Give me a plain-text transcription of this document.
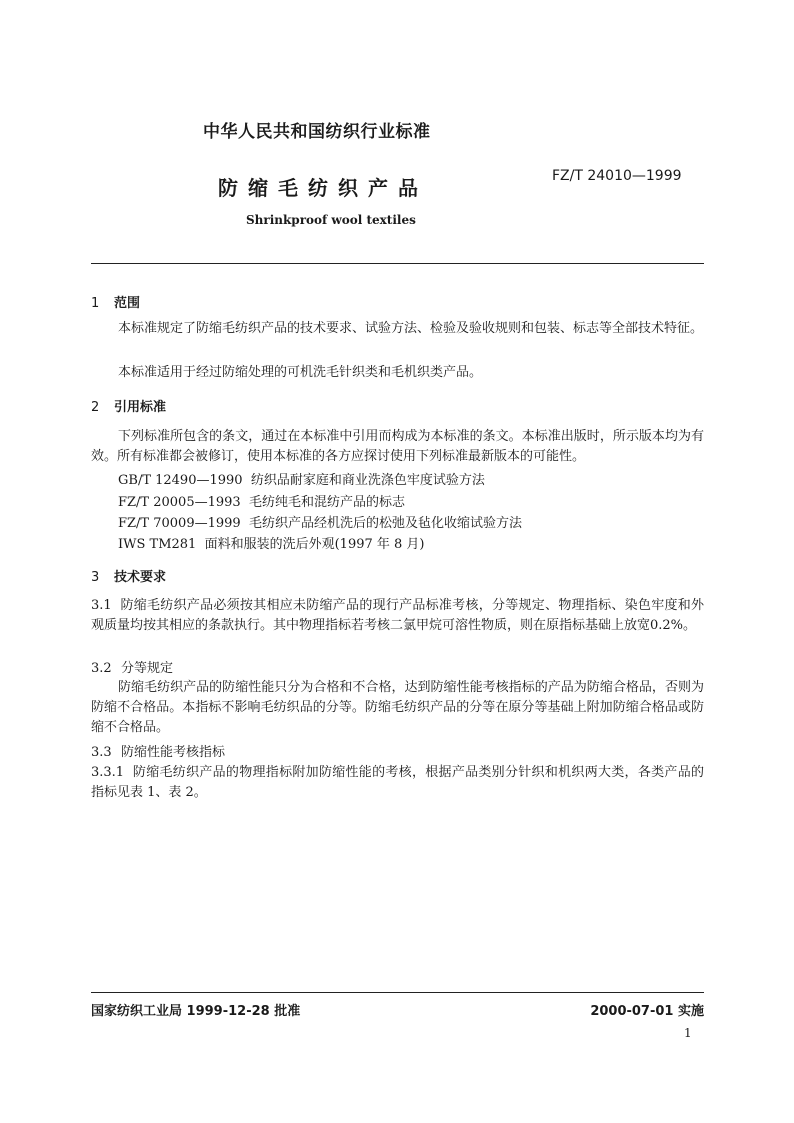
中华人民共和国纺织行业标准
防缩毛纺织产品	FZ/T 24010—1999
Shrinkproof wool textiles
1 范围

本标准规定了防缩毛纺织产品的技术要求、试验方法、检验及验收规则和包装、标志等全部技术特征。

本标准适用于经过防缩处理的可机洗毛针织类和毛机织类产品。

2 引用标准

下列标准所包含的条文，通过在本标准中引用而构成为本标准的条文。本标准出版时，所示版本均为有效。所有标准都会被修订，使用本标准的各方应探讨使用下列标准最新版本的可能性。

GB/T 12490—1990 纺织品耐家庭和商业洗涤色牢度试验方法
FZ/T 20005—1993 毛纺纯毛和混纺产品的标志
FZ/T 70009—1999 毛纺织产品经机洗后的松弛及毡化收缩试验方法
IWS TM281 面料和服装的洗后外观(1997 年 8 月)
3 技术要求

3.1 防缩毛纺织产品必须按其相应未防缩产品的现行产品标准考核，分等规定、物理指标、染色牢度和外观质量均按其相应的条款执行。其中物理指标若考核二氯甲烷可溶性物质，则在原指标基础上放宽0.2%。

3.2 分等规定

防缩毛纺织产品的防缩性能只分为合格和不合格，达到防缩性能考核指标的产品为防缩合格品，否则为防缩不合格品。本指标不影响毛纺织品的分等。防缩毛纺织产品的分等在原分等基础上附加防缩合格品或防缩不合格品。

3.3 防缩性能考核指标

3.3.1 防缩毛纺织产品的物理指标附加防缩性能的考核，根据产品类别分针织和机织两大类，各类产品的指标见表 1、表 2。

国家纺织工业局 1999-12-28 批准	2000-07-01 实施
1
